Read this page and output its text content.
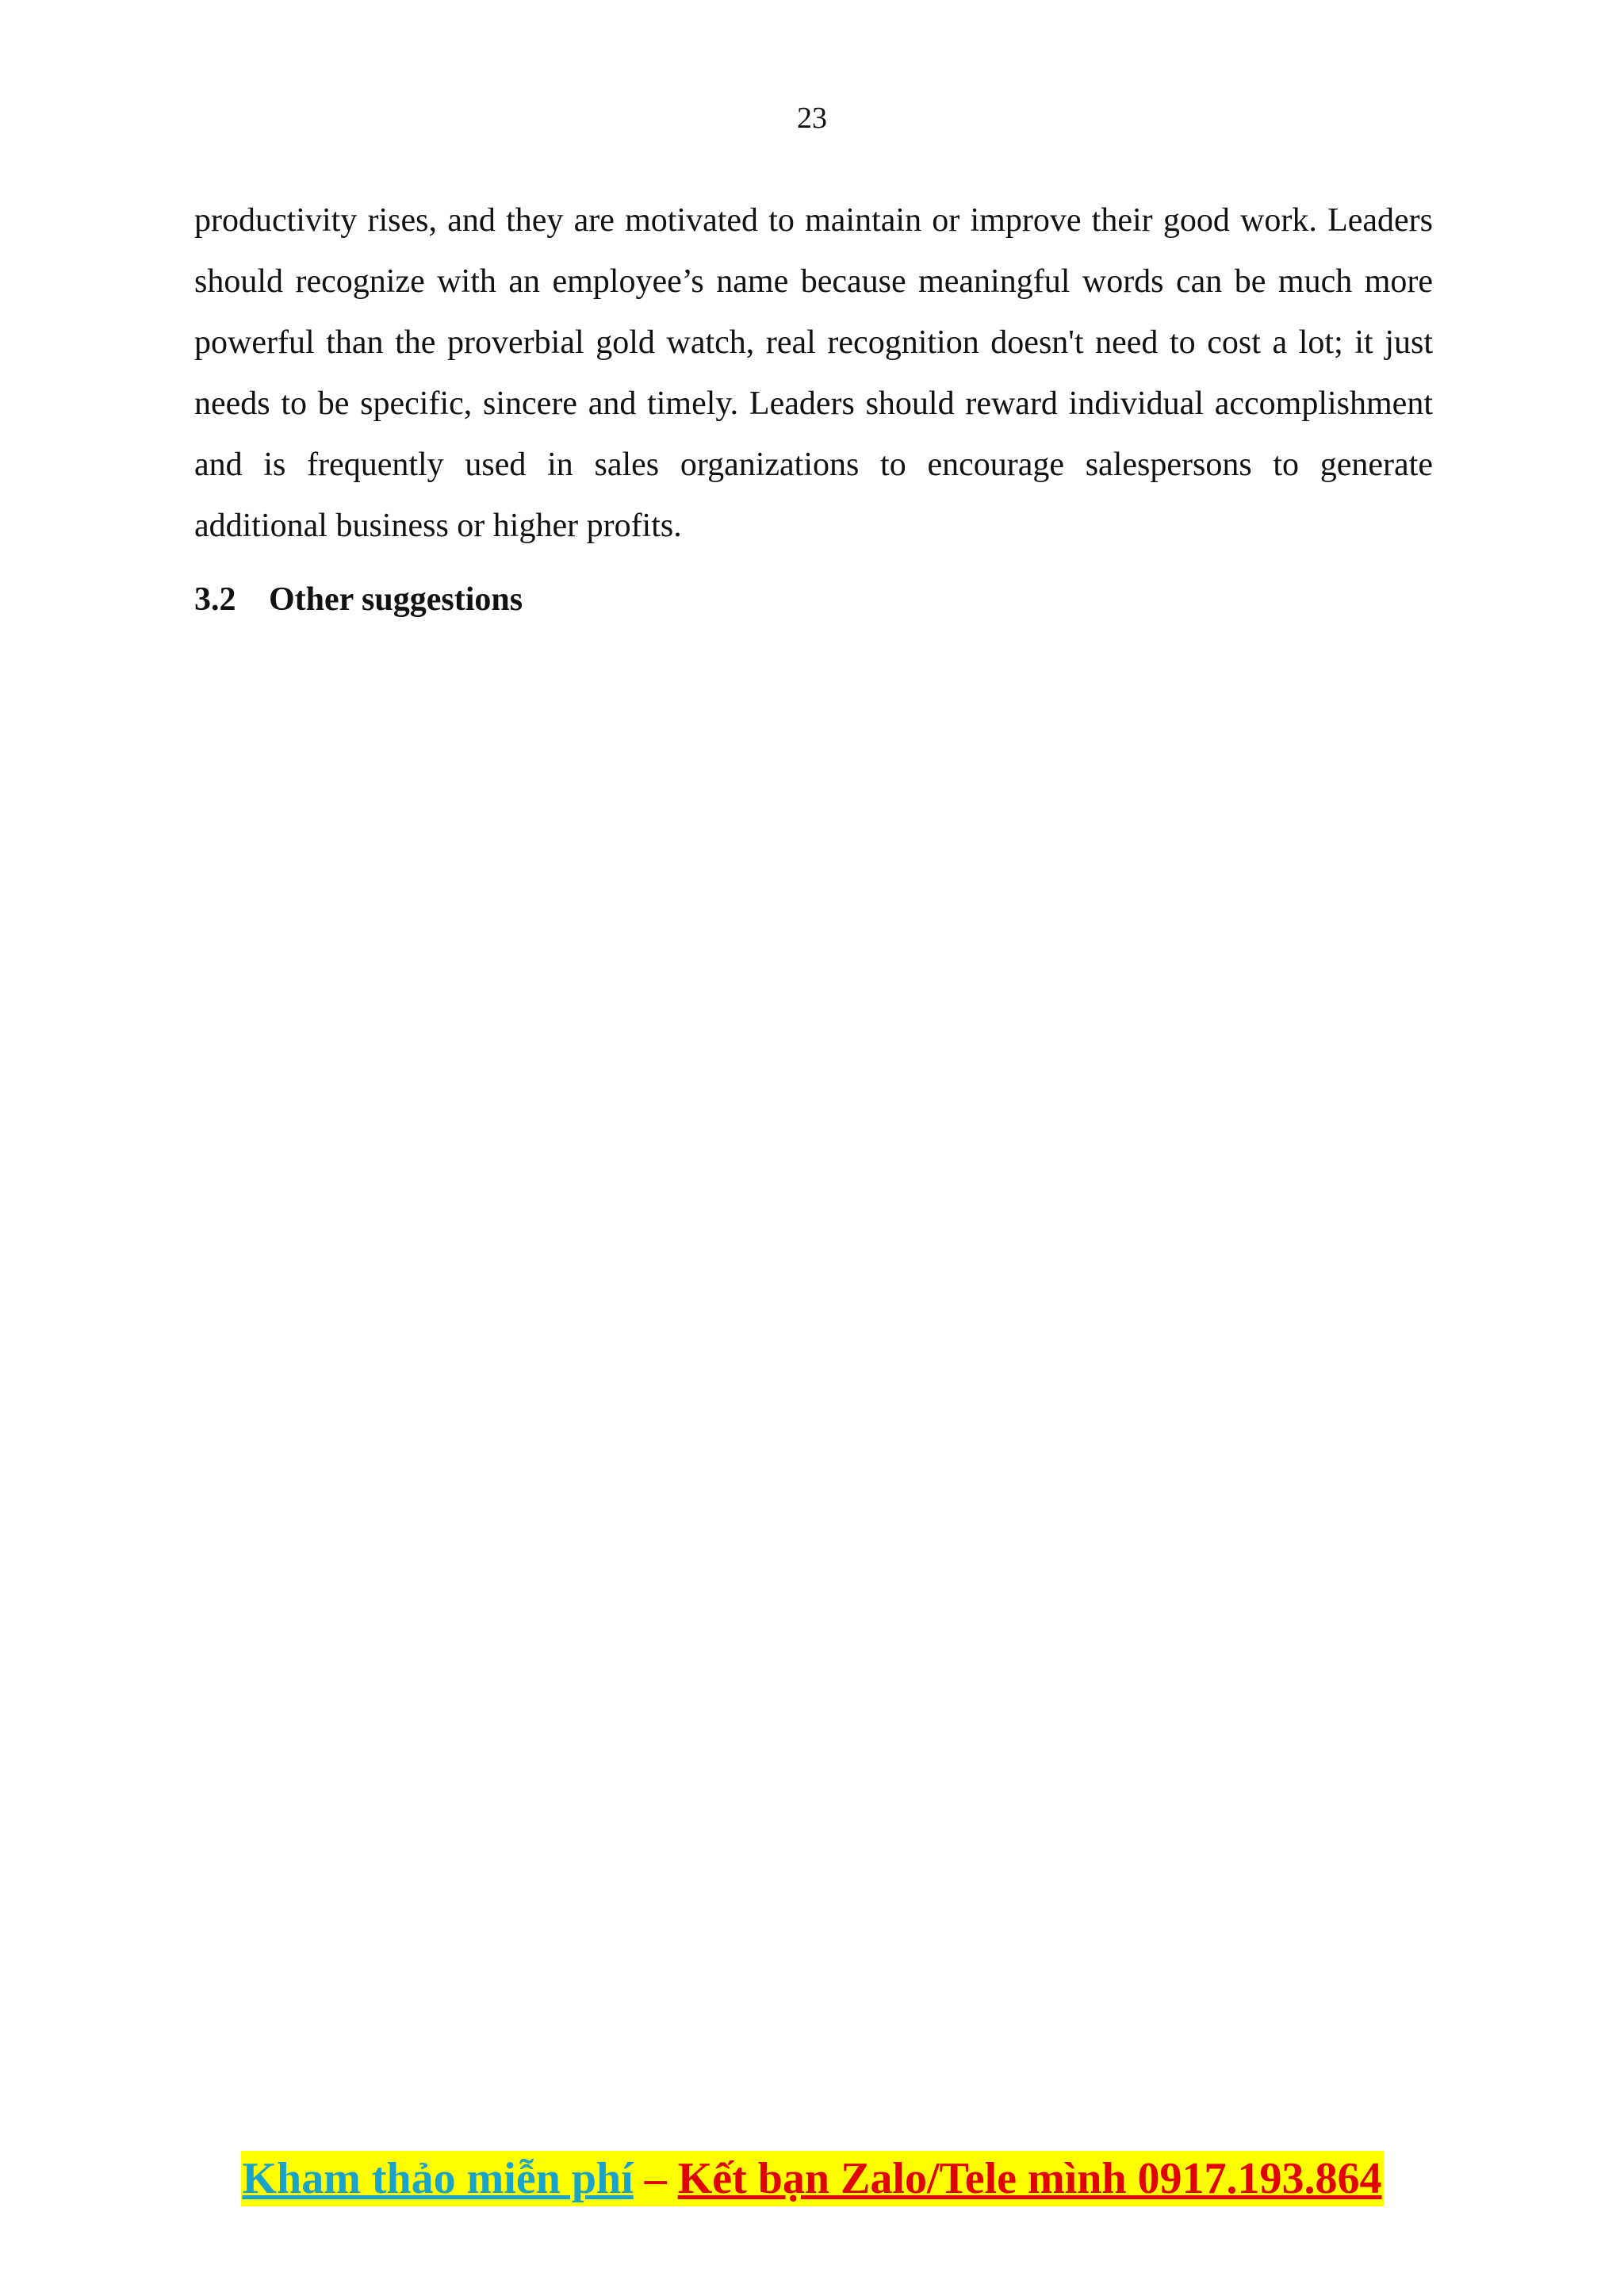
23

productivity rises, and they are motivated to maintain or improve their good work. Leaders should recognize with an employee’s name because meaningful words can be much more powerful than the proverbial gold watch, real recognition doesn't need to cost a lot; it just needs to be specific, sincere and timely. Leaders should reward individual accomplishment and is frequently used in sales organizations to encourage salespersons to generate additional business or higher profits.

3.2 Other suggestions
Kham thảo miễn phí – Kết bạn Zalo/Tele mình 0917.193.864
